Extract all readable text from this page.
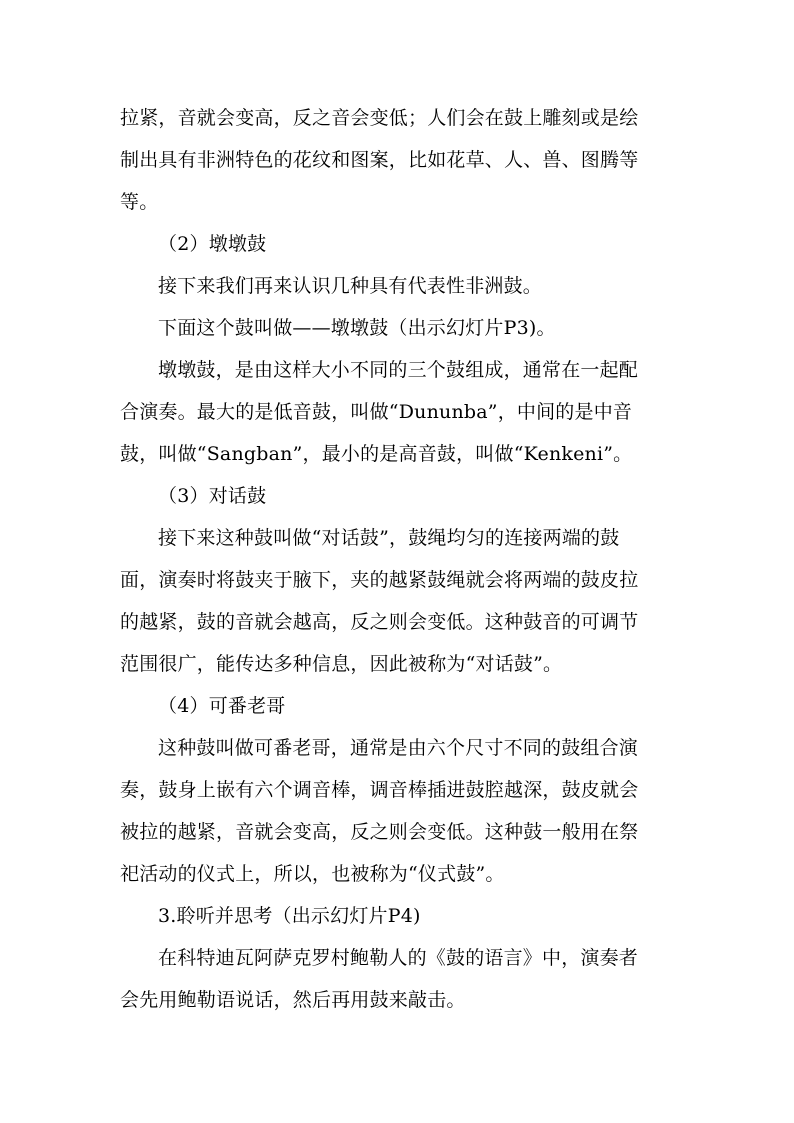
拉紧，音就会变高，反之音会变低；人们会在鼓上雕刻或是绘
制出具有非洲特色的花纹和图案，比如花草、人、兽、图腾等
等。

（2）墩墩鼓

接下来我们再来认识几种具有代表性非洲鼓。

下面这个鼓叫做——墩墩鼓（出示幻灯片P3)。

墩墩鼓，是由这样大小不同的三个鼓组成，通常在一起配
合演奏。最大的是低音鼓，叫做“Dununba”，中间的是中音
鼓，叫做“Sangban”，最小的是高音鼓，叫做“Kenkeni”。

（3）对话鼓

接下来这种鼓叫做“对话鼓”，鼓绳均匀的连接两端的鼓
面，演奏时将鼓夹于腋下，夹的越紧鼓绳就会将两端的鼓皮拉
的越紧，鼓的音就会越高，反之则会变低。这种鼓音的可调节
范围很广，能传达多种信息，因此被称为“对话鼓”。

（4）可番老哥

这种鼓叫做可番老哥，通常是由六个尺寸不同的鼓组合演
奏，鼓身上嵌有六个调音棒，调音棒插进鼓腔越深，鼓皮就会
被拉的越紧，音就会变高，反之则会变低。这种鼓一般用在祭
祀活动的仪式上，所以，也被称为“仪式鼓”。

3.聆听并思考（出示幻灯片P4)

在科特迪瓦阿萨克罗村鲍勒人的《鼓的语言》中，演奏者
会先用鲍勒语说话，然后再用鼓来敲击。
